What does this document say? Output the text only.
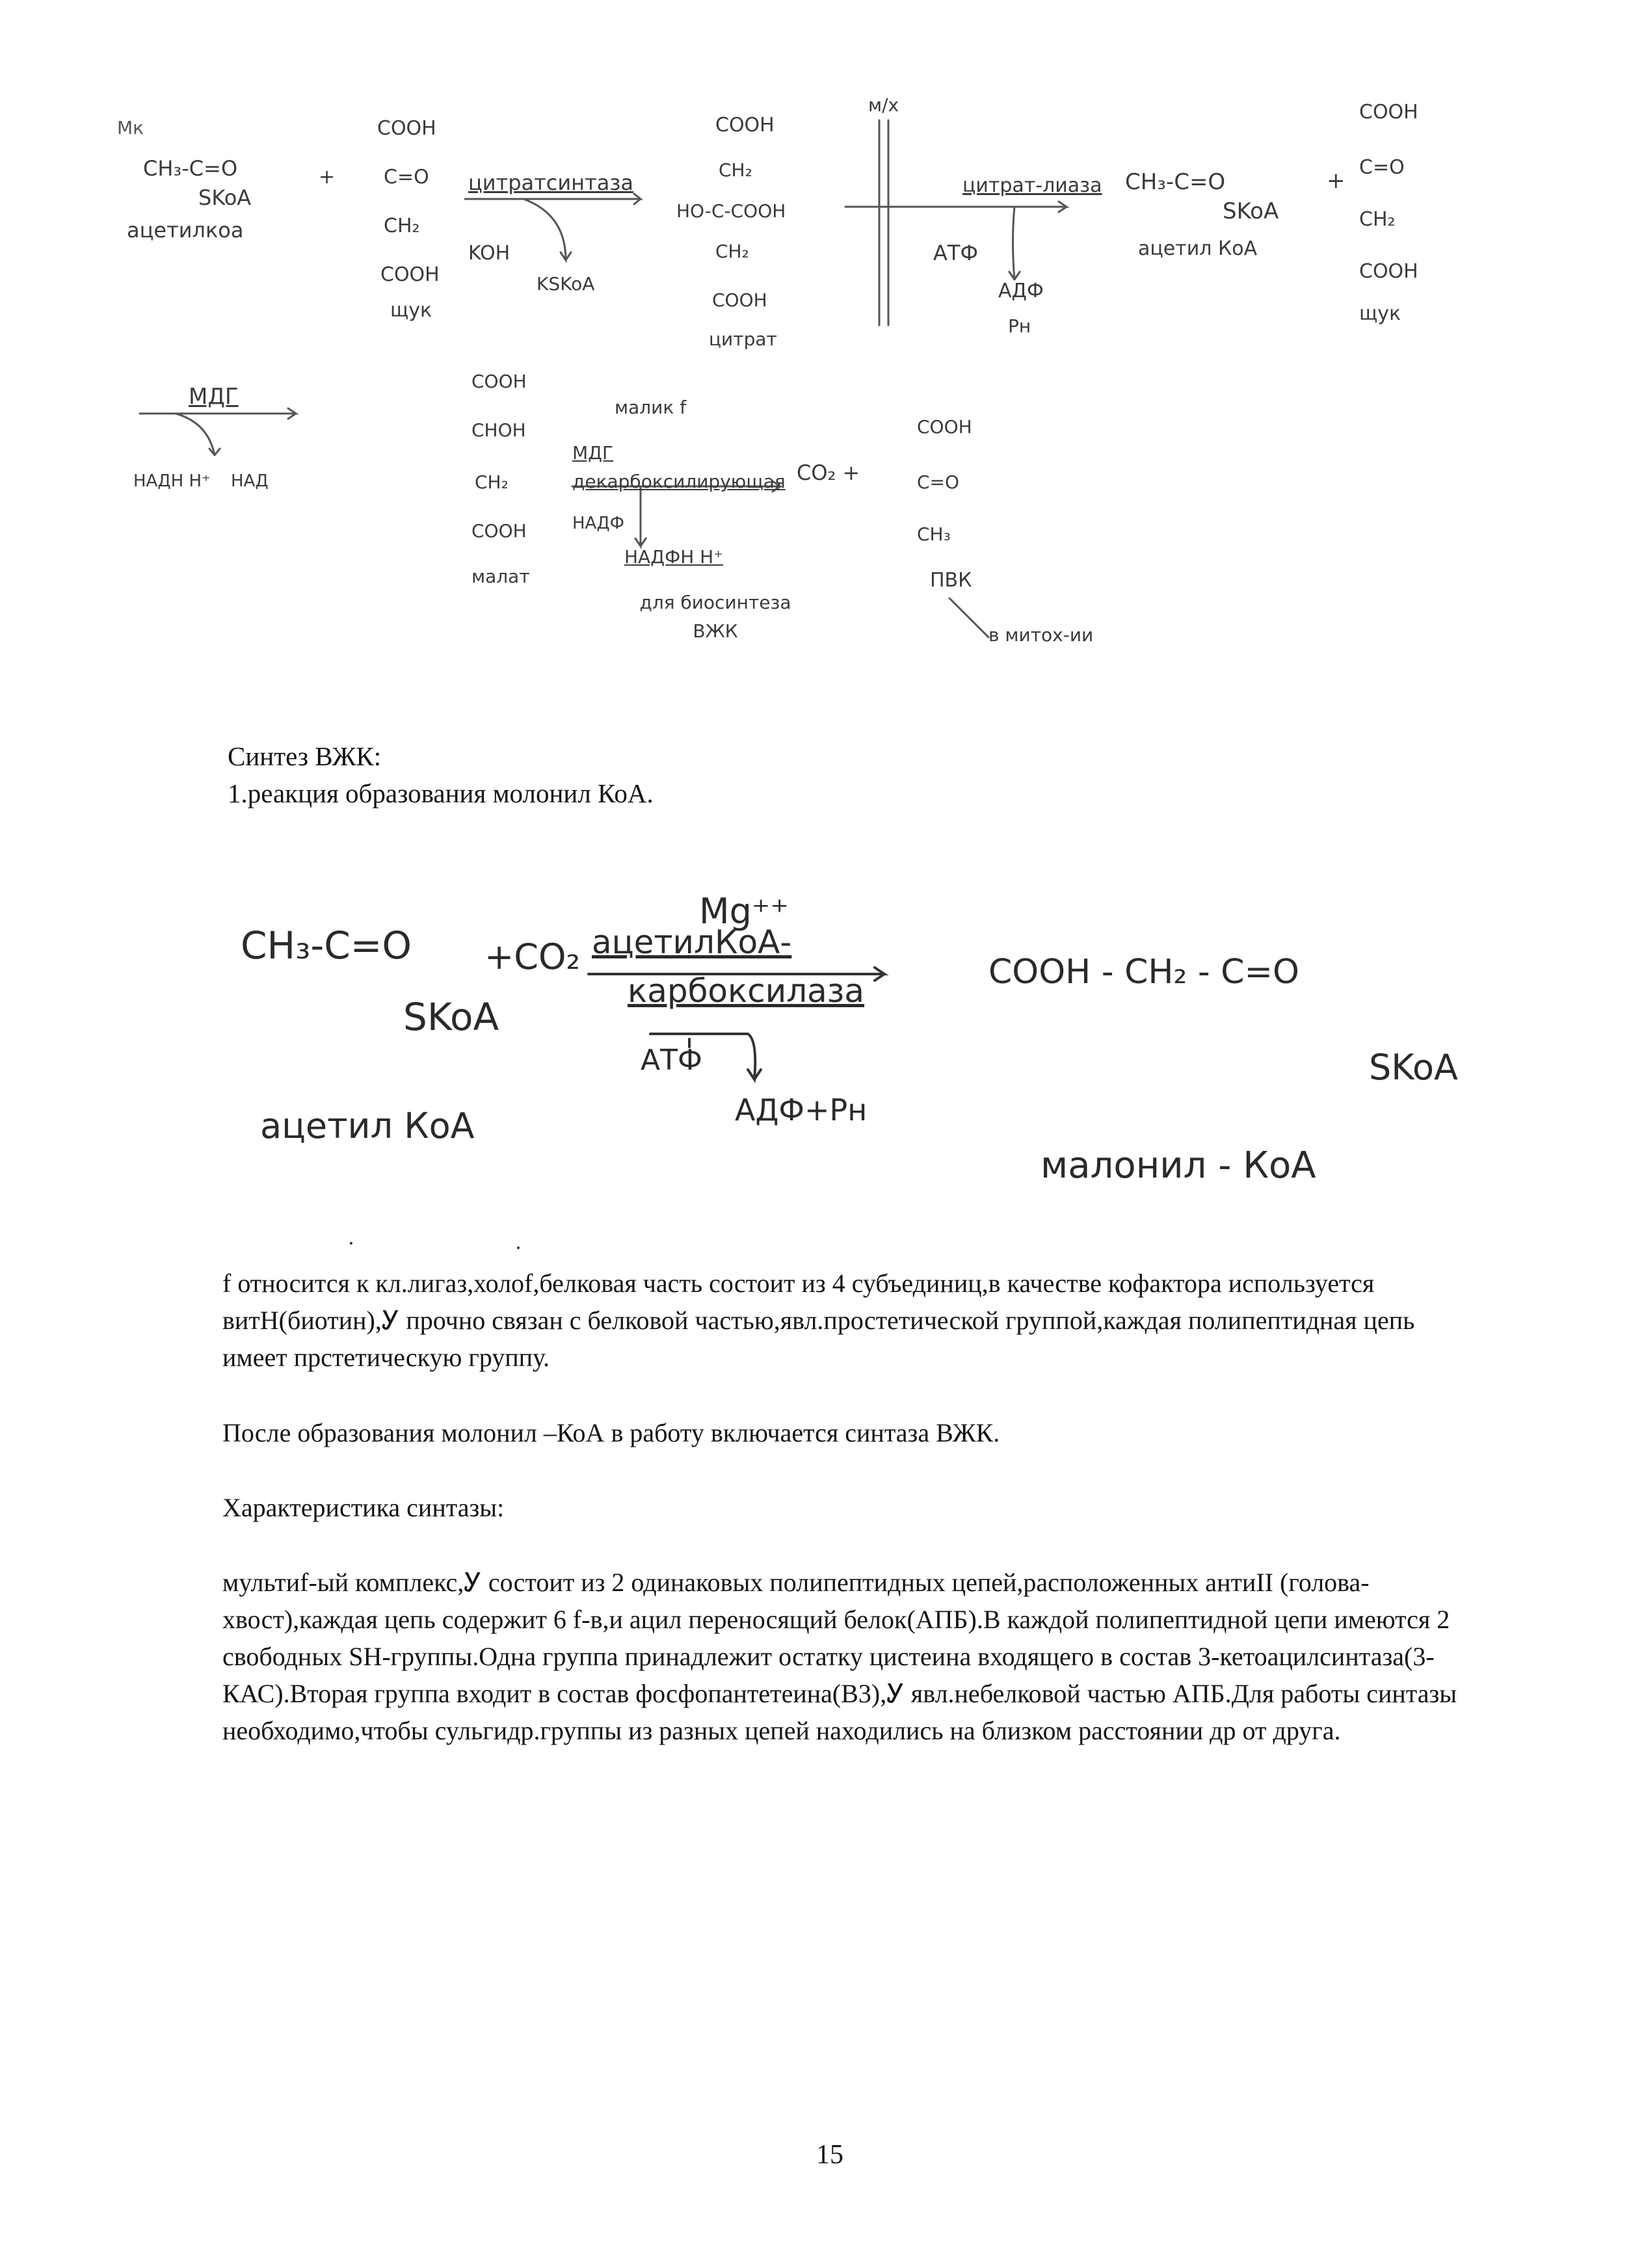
Мк
CH₃-C=O
SKoA
ацетилкоа
+
COOH
C=O
CH₂
COOH
щук
цитратсинтаза
KOH
KSKoA
COOH
CH₂
HO-C-COOH
CH₂
COOH
цитрат
м/х
цитрат-лиаза
АТФ
АДФ
Рн
CH₃-C=O
SKoA
ацетил КоА
+
COOH
C=O
CH₂
COOH
щук
МДГ
НАДН Н⁺ НАД
COOH
CHOH
CH₂
COOH
малат
малик f
МДГ декарбоксилирующая
НАДФ
НАДФН Н⁺
для биосинтеза ВЖК
CO₂ +
COOH
C=O
CH₃
ПВК
в митох-ии

Синтез ВЖК:

1.реакция образования молонил КоА.

Mg⁺⁺
CH₃-C=O +CO₂
SKoA
ацетилКоА-
карбоксилаза
АТФ
АДФ+Pн
COOH - CH₂ - C=O
SKoA
ацетил КоА
малонил - КоА

f относится к кл.лигаз,холоf,белковая часть состоит из 4 субъединиц,в качестве кофактора используется витН(биотин),Ꭹ прочно связан с белковой частью,явл.простетической группой,каждая полипептидная цепь имеет прстетическую группу.

После образования молонил –КоА в работу включается синтаза ВЖК.

Характеристика синтазы:

мультиf-ый комплекс,Ꭹ состоит из 2 одинаковых полипептидных цепей,расположенных антиII (голова-хвост),каждая цепь содержит 6 f-в,и ацил переносящий белок(АПБ).В каждой полипептидной цепи имеются 2 свободных SH-группы.Одна группа принадлежит остатку цистеина входящего в состав 3-кетоацилсинтаза(3-КАС).Вторая группа входит в состав фосфопантетеина(В3),Ꭹ явл.небелковой частью АПБ.Для работы синтазы необходимо,чтобы сульгидр.группы из разных цепей находились на близком расстоянии др от друга.

15
